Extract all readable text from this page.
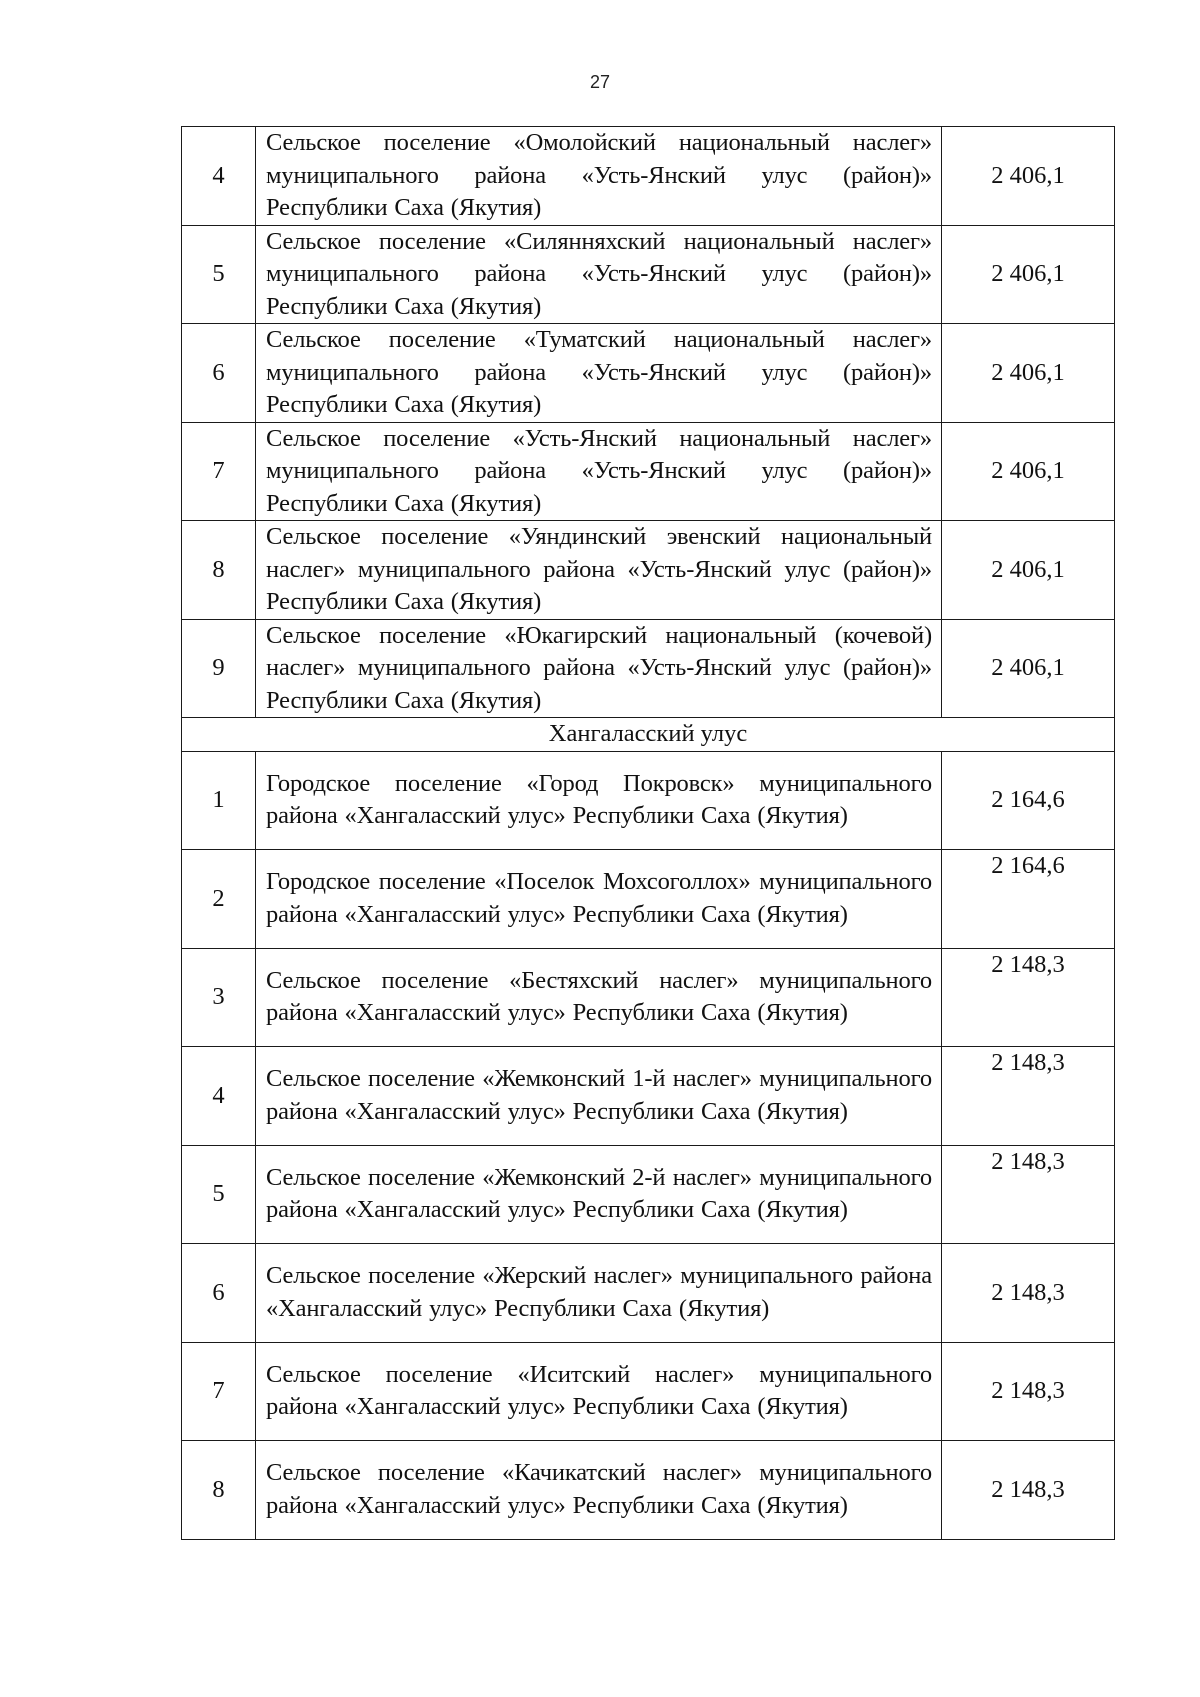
27
4	Сельское поселение «Омолойский национальный наслег» муниципального района «Усть-Янский улус (район)» Республики Саха (Якутия)	2 406,1
5	Сельское поселение «Силянняхский национальный наслег» муниципального района «Усть-Янский улус (район)» Республики Саха (Якутия)	2 406,1
6	Сельское поселение «Туматский национальный наслег» муниципального района «Усть-Янский улус (район)» Республики Саха (Якутия)	2 406,1
7	Сельское поселение «Усть-Янский национальный наслег» муниципального района «Усть-Янский улус (район)» Республики Саха (Якутия)	2 406,1
8	Сельское поселение «Уяндинский эвенский национальный наслег» муниципального района «Усть-Янский улус (район)» Республики Саха (Якутия)	2 406,1
9	Сельское поселение «Юкагирский национальный (кочевой) наслег» муниципального района «Усть-Янский улус (район)» Республики Саха (Якутия)	2 406,1
Хангаласский улус		
1	Городское поселение «Город Покровск» муниципального района «Хангаласский улус» Республики Саха (Якутия)	2 164,6
2	Городское поселение «Поселок Мохсоголлох» муниципального района «Хангаласский улус» Республики Саха (Якутия)	2 164,6
3	Сельское поселение «Бестяхский наслег» муниципального района «Хангаласский улус» Республики Саха (Якутия)	2 148,3
4	Сельское поселение «Жемконский 1-й наслег» муниципального района «Хангаласский улус» Республики Саха (Якутия)	2 148,3
5	Сельское поселение «Жемконский 2-й наслег» муниципального района «Хангаласский улус» Республики Саха (Якутия)	2 148,3
6	Сельское поселение «Жерский наслег» муниципального района «Хангаласский улус» Республики Саха (Якутия)	2 148,3
7	Сельское поселение «Иситский наслег» муниципального района «Хангаласский улус» Республики Саха (Якутия)	2 148,3
8	Сельское поселение «Качикатский наслег» муниципального района «Хангаласский улус» Республики Саха (Якутия)	2 148,3
